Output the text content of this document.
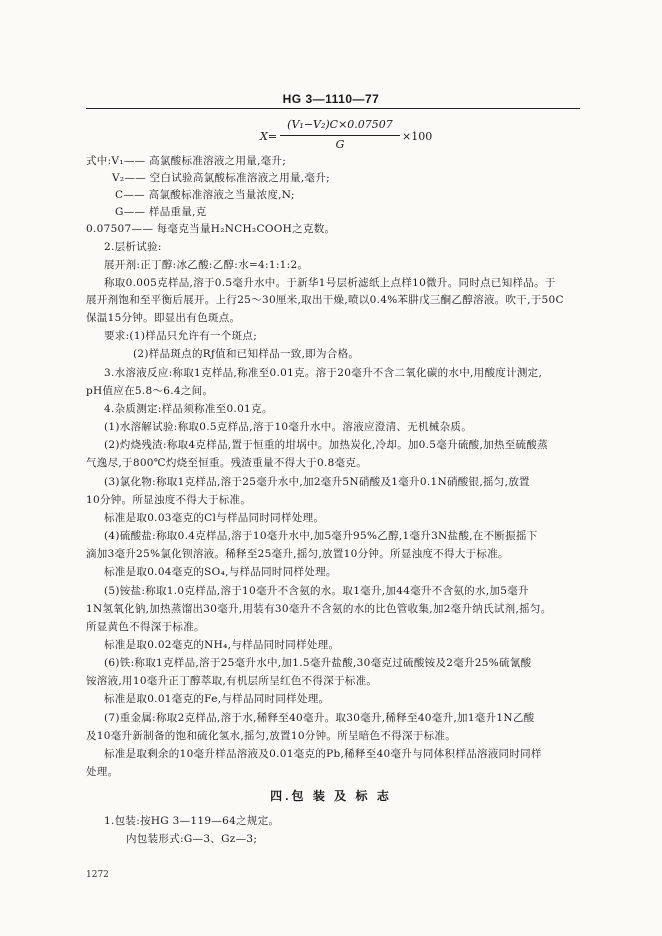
HG 3—1110—77
X=
(V₁−V₂)C×0.07507
G
×100
式中:V₁—— 高氯酸标准溶液之用量,毫升;
V₂—— 空白试验高氯酸标准溶液之用量,毫升;
C—— 高氯酸标准溶液之当量浓度,N;
G—— 样品重量,克
0.07507—— 每毫克当量H₂NCH₂COOH之克数。
2.层析试验:
展开剂:正丁醇:冰乙酸:乙醇:水=4:1:1:2。
称取0.005克样品,溶于0.5毫升水中。于新华1号层析滤纸上点样10微升。同时点已知样品。于
展开剂饱和至平衡后展开。上行25～30厘米,取出干燥,喷以0.4%苯肼戊三酮乙醇溶液。吹干,于50C
保温15分钟。即显出有色斑点。
要求:(1)样品只允许有一个斑点;
(2)样品斑点的Rƒ值和已知样品一致,即为合格。
3.水溶液反应:称取1克样品,称准至0.01克。溶于20毫升不含二氧化碳的水中,用酸度计测定,
pH值应在5.8～6.4之间。
4.杂质测定:样品须称准至0.01克。
(1)水溶解试验:称取0.5克样品,溶于10毫升水中。溶液应澄清、无机械杂质。
(2)灼烧残渣:称取4克样品,置于恒重的坩埚中。加热炭化,冷却。加0.5毫升硫酸,加热至硫酸蒸
气逸尽,于800℃灼烧至恒重。残渣重量不得大于0.8毫克。
(3)氯化物:称取1克样品,溶于25毫升水中,加2毫升5N硝酸及1毫升0.1N硝酸银,摇匀,放置
10分钟。所显浊度不得大于标准。
标准是取0.03毫克的Cl与样品同时同样处理。
(4)硫酸盐:称取0.4克样品,溶于10毫升水中,加5毫升95%乙醇,1毫升3N盐酸,在不断振摇下
滴加3毫升25%氯化钡溶液。稀释至25毫升,摇匀,放置10分钟。所显浊度不得大于标准。
标准是取0.04毫克的SO₄,与样品同时同样处理。
(5)铵盐:称取1.0克样品,溶于10毫升不含氨的水。取1毫升,加44毫升不含氨的水,加5毫升
1N氢氧化钠,加热蒸馏出30毫升,用装有30毫升不含氨的水的比色管收集,加2毫升纳氏试剂,摇匀。
所显黄色不得深于标准。
标准是取0.02毫克的NH₄,与样品同时同样处理。
(6)铁:称取1克样品,溶于25毫升水中,加1.5毫升盐酸,30毫克过硫酸铵及2毫升25%硫氰酸
铵溶液,用10毫升正丁醇萃取,有机层所呈红色不得深于标准。
标准是取0.01毫克的Fe,与样品同时同样处理。
(7)重金属:称取2克样品,溶于水,稀释至40毫升。取30毫升,稀释至40毫升,加1毫升1N乙酸
及10毫升新制备的饱和硫化氢水,摇匀,放置10分钟。所呈暗色不得深于标准。
标准是取剩余的10毫升样品溶液及0.01毫克的Pb,稀释至40毫升与同体积样品溶液同时同样
处理。
1.包装:按HG 3—119—64之规定。
内包装形式:G—3、Gz—3;
四.包 装 及 标 志
1272
